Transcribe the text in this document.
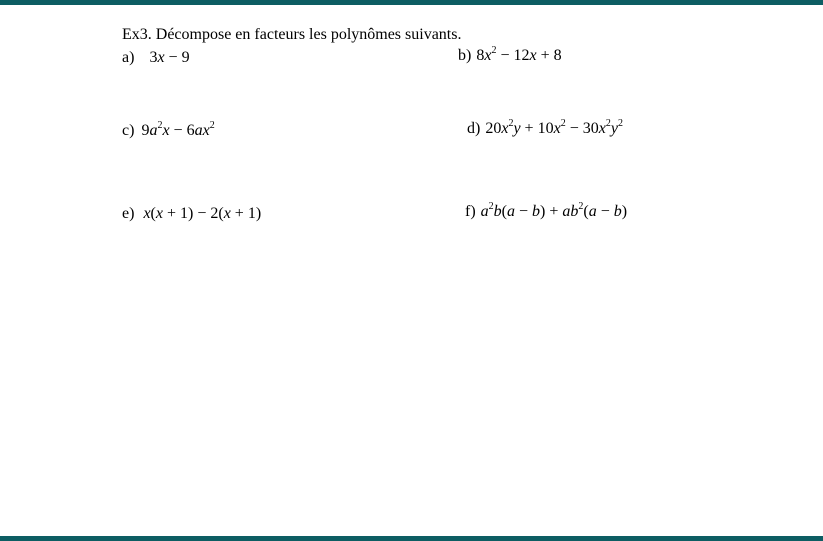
Ex3. Décompose en facteurs les polynômes suivants.
a) 3x − 9	b) $8x^2 - 12x + 8$
c) $9a^2x - 6ax^2$	d) $20x^2y + 10x^2 - 30x^2y^2$
e) x(x + 1) − 2(x + 1)	f) $a^2b(a - b) + ab^2(a - b)$
